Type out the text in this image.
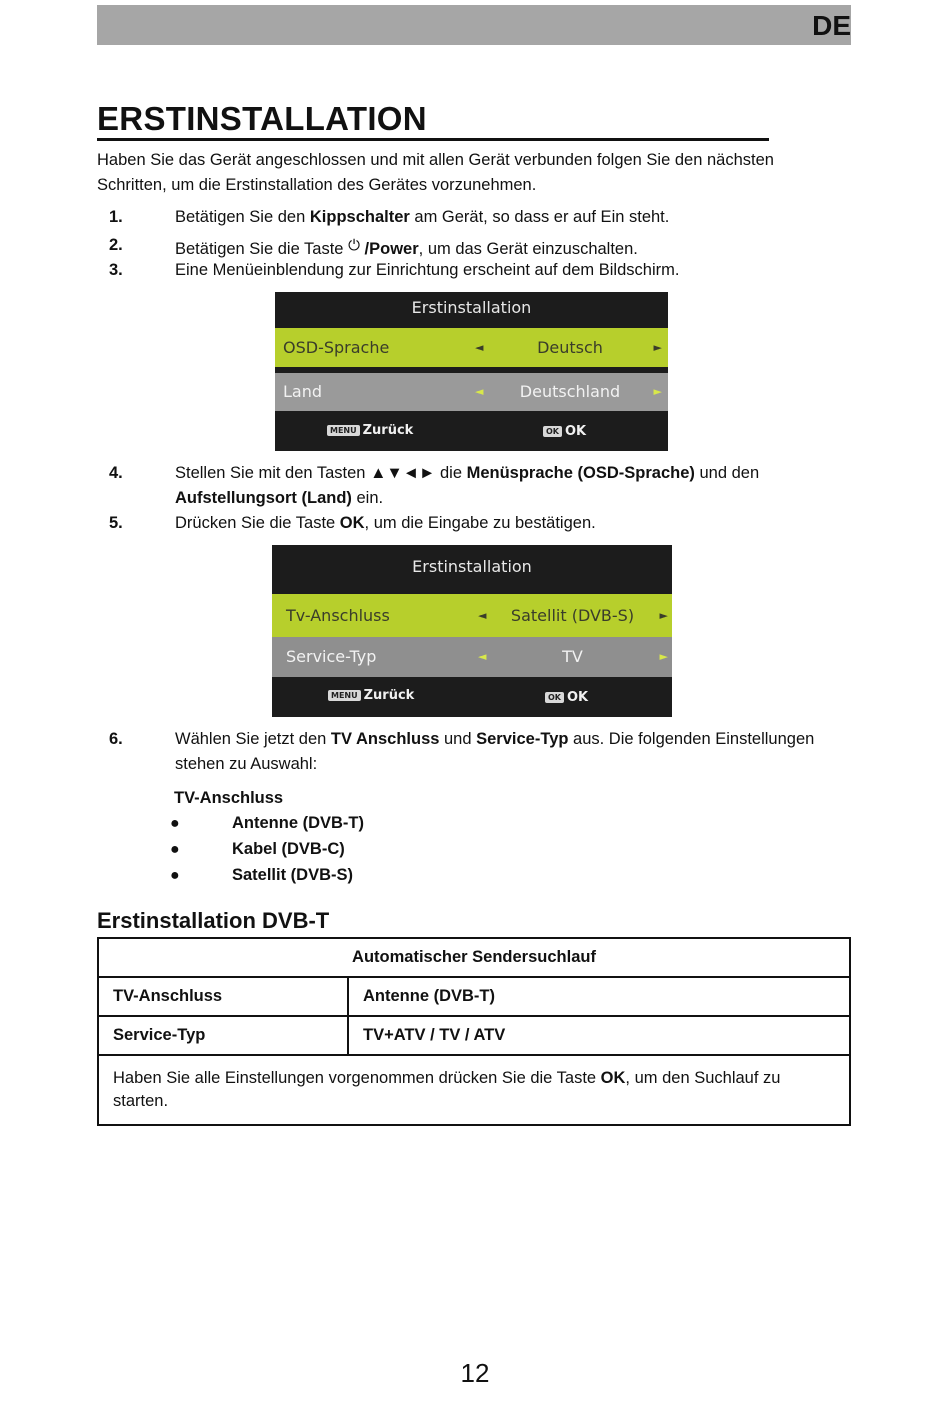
DE
ERSTINSTALLATION
Haben Sie das Gerät angeschlossen und mit allen Gerät verbunden folgen Sie den nächsten Schritten, um die Erstinstallation des Gerätes vorzunehmen.
1.	Betätigen Sie den Kippschalter am Gerät, so dass er auf Ein steht.
2.	Betätigen Sie die Taste ⏻ /Power, um das Gerät einzuschalten.
3.	Eine Menüeinblendung zur Einrichtung erscheint auf dem Bildschirm.
Erstinstallation
OSD-Sprache	◄	Deutsch	►
Land	◄	Deutschland	►
MENU Zurück	OK OK
4.	Stellen Sie mit den Tasten ▲▼◄► die Menüsprache (OSD-Sprache) und den Aufstellungsort (Land) ein.
5.	Drücken Sie die Taste OK, um die Eingabe zu bestätigen.
Erstinstallation
Tv-Anschluss	◄	Satellit (DVB-S)	►
Service-Typ	◄	TV	►
MENU Zurück	OK OK
6.	Wählen Sie jetzt den TV Anschluss und Service-Typ aus. Die folgenden Einstellungen stehen zu Auswahl:
TV-Anschluss
●	Antenne (DVB-T)
●	Kabel (DVB-C)
●	Satellit (DVB-S)
Erstinstallation DVB-T
Automatischer Sendersuchlauf	
TV-Anschluss	Antenne (DVB-T)
Service-Typ	TV+ATV / TV / ATV
Haben Sie alle Einstellungen vorgenommen drücken Sie die Taste OK, um den Suchlauf zu starten.	
12
